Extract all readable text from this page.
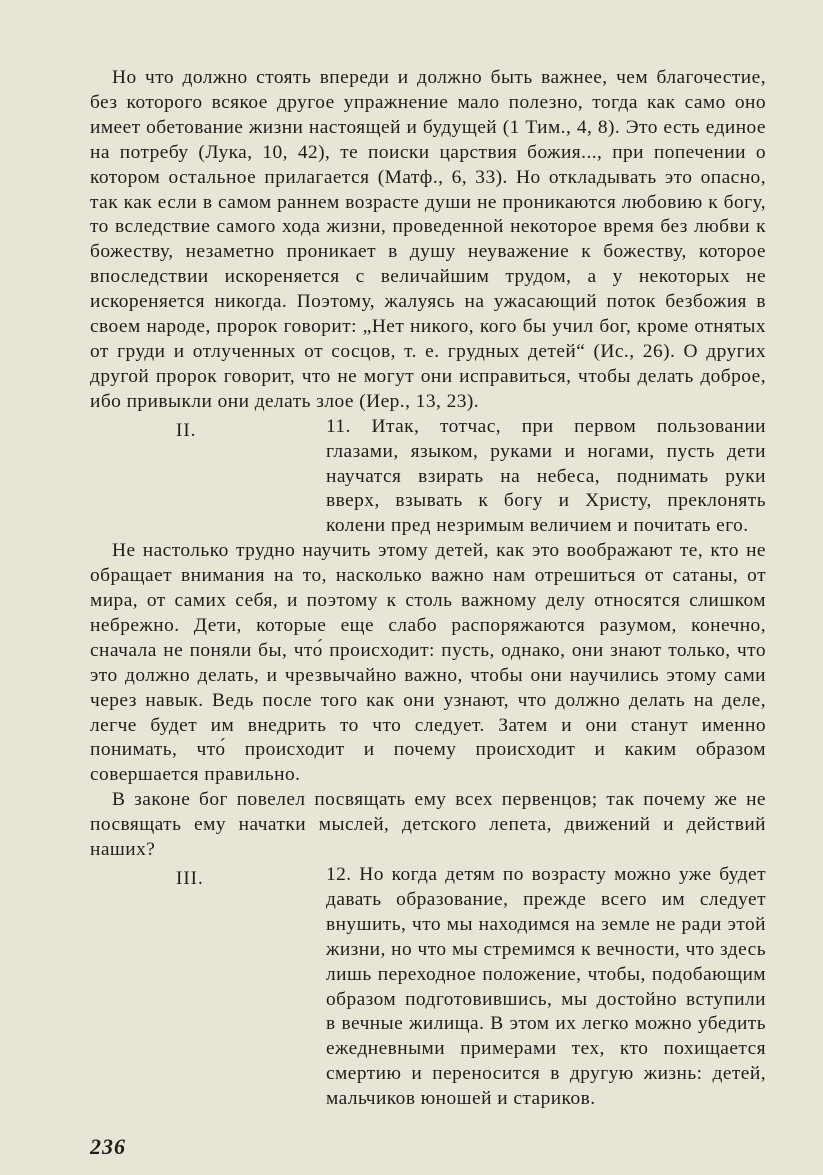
Но что должно стоять впереди и должно быть важнее, чем благочестие, без которого всякое другое упражнение мало полезно, тогда как само оно имеет обетование жизни настоящей и будущей (1 Тим., 4, 8). Это есть единое на потребу (Лука, 10, 42), те поиски царствия божия..., при попечении о котором остальное прилагается (Матф., 6, 33). Но откладывать это опасно, так как если в самом раннем возрасте души не проникаются любовию к богу, то вследствие самого хода жизни, проведенной некоторое время без любви к божеству, незаметно проникает в душу неуважение к божеству, которое впоследствии искореняется с величайшим трудом, а у некоторых не искореняется никогда. Поэтому, жалуясь на ужасающий поток безбожия в своем народе, пророк говорит: „Нет никого, кого бы учил бог, кроме отнятых от груди и отлученных от сосцов, т. е. грудных детей“ (Ис., 26). О других другой пророк говорит, что не могут они исправиться, чтобы делать доброе, ибо привыкли они делать злое (Иер., 13, 23).

II.	11. Итак, тотчас, при первом пользовании глазами, языком, руками и ногами, пусть дети научатся взирать на небеса, поднимать руки вверх, взывать к богу и Христу, преклонять колени пред незримым величием и почитать его.

Не настолько трудно научить этому детей, как это воображают те, кто не обращает внимания на то, насколько важно нам отрешиться от сатаны, от мира, от самих себя, и поэтому к столь важному делу относятся слишком небрежно. Дети, которые еще слабо распоряжаются разумом, конечно, сначала не поняли бы, что́ происходит: пусть, однако, они знают только, что это должно делать, и чрезвычайно важно, чтобы они научились этому сами через навык. Ведь после того как они узнают, что должно делать на деле, легче будет им внедрить то что следует. Затем и они станут именно понимать, что́ происходит и почему происходит и каким образом совершается правильно.

В законе бог повелел посвящать ему всех первенцов; так почему же не посвящать ему начатки мыслей, детского лепета, движений и действий наших?

III.	12. Но когда детям по возрасту можно уже будет давать образование, прежде всего им следует внушить, что мы находимся на земле не ради этой жизни, но что мы стремимся к вечности, что здесь лишь переходное положение, чтобы, подобающим образом подготовившись, мы достойно вступили в вечные жилища. В этом их легко можно убедить ежедневными примерами тех, кто похищается смертию и переносится в другую жизнь: детей, мальчиков юношей и стариков.

236
